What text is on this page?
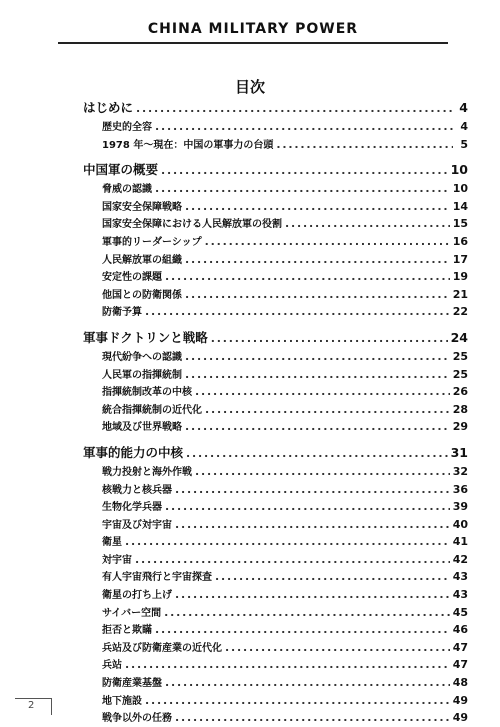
CHINA MILITARY POWER
目次
はじめに . . .	4
歴史的全容 . . .	4
1978 年～現在：中国の軍事力の台頭 . . .	5
中国軍の概要 . . .	10
脅威の認識 . . .	10
国家安全保障戦略 . . .	14
国家安全保障における人民解放軍の役割 . . .	15
軍事的リーダーシップ . . .	16
人民解放軍の組織 . . .	17
安定性の課題 . . .	19
他国との防衛関係 . . .	21
防衛予算 . . .	22
軍事ドクトリンと戦略 . . .	24
現代紛争への認識 . . .	25
人民軍の指揮統制 . . .	25
指揮統制改革の中核 . . .	26
統合指揮統制の近代化 . . .	28
地域及び世界戦略 . . .	29
軍事的能力の中核 . . .	31
戦力投射と海外作戦 . . .	32
核戦力と核兵器 . . .	36
生物化学兵器 . . .	39
宇宙及び対宇宙 . . .	40
衛星 . . .	41
対宇宙 . . .	42
有人宇宙飛行と宇宙探査 . . .	43
衛星の打ち上げ . . .	43
サイバー空間 . . .	45
拒否と欺瞞 . . .	46
兵站及び防衛産業の近代化 . . .	47
兵站 . . .	47
防衛産業基盤 . . .	48
地下施設 . . .	49
戦争以外の任務 . . .	49
2
